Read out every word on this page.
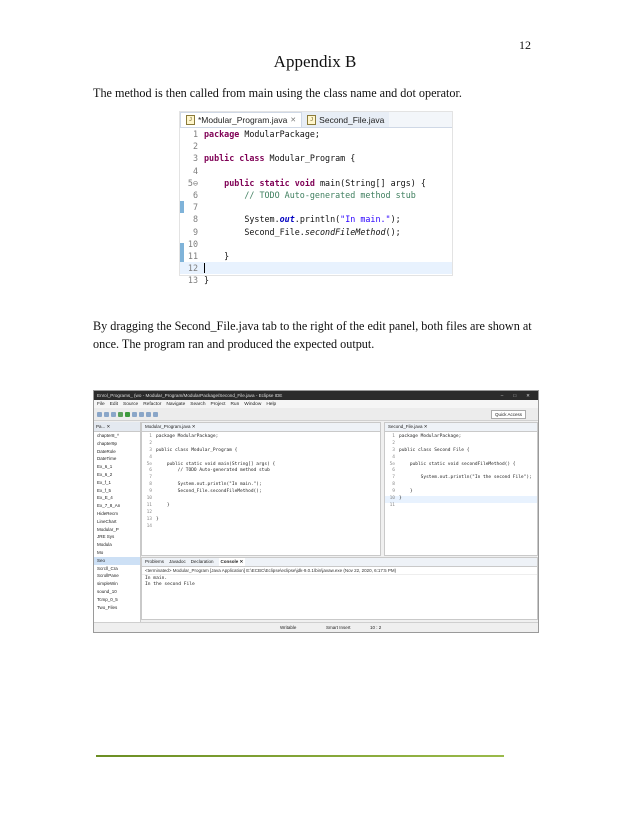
12
Appendix B
The method is then called from main using the class name and dot operator.
J *Modular_Program.java ✕	J Second_File.java
1 package ModularPackage;
2
3 public class Modular_Program {
4
5⊖	public static void main(String[] args) {
6	// TODO Auto-generated method stub
7
8	System.out.println("In main.");
9	Second_File.secondFileMethod();
10
11	}
12
13 }
By dragging the Second_File.java tab to the right of the edit panel, both files are shown at once. The program ran and produced the expected output.
Enrol_Programs_ (wo - Modular_Program/ModularPackage/Second_File.java - Eclipse IDE	– □ ✕
File Edit Source Refactor Navigate Search Project Run Window Help
Quick Access
Pa... ✕
chapter8_^
chapter9p
DateRole
DateTime
Ex_6_1
Ex_6_2
Ex_f_1
Ex_f_5
Ex_E_4
Ex_7_8_An
HideRecm
LineChart
Modular_P
JRE Sys
Modula
Mo
Seo
Scrcll_Cra
ScrollPane
simpleWin
sound_10
Tcmp_0_5
Two_Files
Modular_Program.java ✕
1 package ModularPackage;
2
3 public class Modular_Program {
4
5⊖    public static void main(String[] args) {
6        // TODO Auto-generated method stub
7
8        System.out.println("In main.");
9        Second_File.secondFileMethod();
10
11    }
12
13 }
14
Second_File.java ✕
1 package ModularPackage;
2
3 public class Second File {
4
5⊖    public static void secondFileMethod() {
6
7        System.out.println("In the second File");
8
9    }
10 }
11
Problems Javadoc Declaration	Console ✕
<terminated> Modular_Program [Java Application] E:\ECBC\Eclipse\eclipse\jdk-9.0.1\bin\javaw.exe (Nov 22, 2020, 6:17:5 PM)
In main.
In the second File
Writable	Smart Insert	10 : 2
